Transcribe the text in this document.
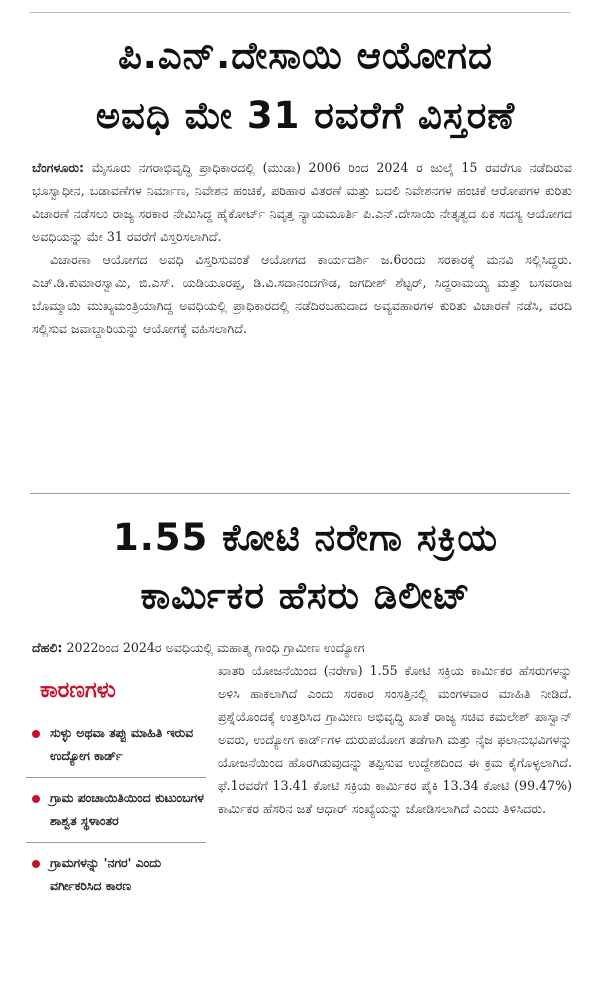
ಪಿ.ಎನ್.ದೇಸಾಯಿ ಆಯೋಗದ
ಅವಧಿ ಮೇ 31 ರವರೆಗೆ ವಿಸ್ತರಣೆ

ಬೆಂಗಳೂರು: ಮೈಸೂರು ನಗರಾಭಿವೃದ್ಧಿ ಪ್ರಾಧಿಕಾರದಲ್ಲಿ (ಮುಡಾ) 2006 ರಿಂದ 2024 ರ ಜುಲೈ 15 ರವರೆಗೂ ನಡೆದಿರುವ ಭೂಸ್ವಾಧೀನ, ಬಡಾವಣೆಗಳ ನಿರ್ಮಾಣ, ನಿವೇಶನ ಹಂಚಿಕೆ, ಪರಿಹಾರ ವಿತರಣೆ ಮತ್ತು ಬದಲಿ ನಿವೇಶನಗಳ ಹಂಚಿಕೆ ಆರೋಪಗಳ ಕುರಿತು ವಿಚಾರಣೆ ನಡೆಸಲು ರಾಜ್ಯ ಸರಕಾರ ನೇಮಿಸಿದ್ದ ಹೈಕೋರ್ಟ್ ನಿವೃತ್ತ ನ್ಯಾಯಮೂರ್ತಿ ಪಿ.ಎನ್.ದೇಸಾಯಿ ನೇತೃತ್ವದ ಏಕ ಸದಸ್ಯ ಆಯೋಗದ ಅವಧಿಯನ್ನು ಮೇ 31 ರವರೆಗೆ ವಿಸ್ತರಿಸಲಾಗಿದೆ.

ವಿಚಾರಣಾ ಆಯೋಗದ ಅವಧಿ ವಿಸ್ತರಿಸುವಂತೆ ಆಯೋಗದ ಕಾರ್ಯದರ್ಶಿ ಜ.6ರಂದು ಸರಕಾರಕ್ಕೆ ಮನವಿ ಸಲ್ಲಿಸಿದ್ದರು. ಎಚ್.ಡಿ.ಕುಮಾರಸ್ವಾಮಿ, ಬಿ.ಎಸ್. ಯಡಿಯೂರಪ್ಪ, ಡಿ.ವಿ.ಸದಾನಂದಗೌಡ, ಜಗದೀಶ್ ಶೆಟ್ಟರ್, ಸಿದ್ದರಾಮಯ್ಯ ಮತ್ತು ಬಸವರಾಜ ಬೊಮ್ಮಾಯಿ ಮುಖ್ಯಮಂತ್ರಿಯಾಗಿದ್ದ ಅವಧಿಯಲ್ಲಿ ಪ್ರಾಧಿಕಾರದಲ್ಲಿ ನಡೆದಿರಬಹುದಾದ ಅವ್ಯವಹಾರಗಳ ಕುರಿತು ವಿಚಾರಣೆ ನಡೆಸಿ, ವರದಿ ಸಲ್ಲಿಸುವ ಜವಾಬ್ದಾರಿಯನ್ನು ಆಯೋಗಕ್ಕೆ ವಹಿಸಲಾಗಿದೆ.

1.55 ಕೋಟಿ ನರೇಗಾ ಸಕ್ರಿಯ
ಕಾರ್ಮಿಕರ ಹೆಸರು ಡಿಲೀಟ್

ದೆಹಲಿ: 2022ರಿಂದ 2024ರ ಅವಧಿಯಲ್ಲಿ ಮಹಾತ್ಮ ಗಾಂಧಿ ಗ್ರಾಮೀಣ ಉದ್ಯೋಗ

ಕಾರಣಗಳು
ಸುಳ್ಳು ಅಥವಾ ತಪ್ಪು ಮಾಹಿತಿ ಇರುವ ಉದ್ಯೋಗ ಕಾರ್ಡ್
ಗ್ರಾಮ ಪಂಚಾಯಿತಿಯಿಂದ ಕುಟುಂಬಗಳ ಶಾಶ್ವತ ಸ್ಥಳಾಂತರ
ಗ್ರಾಮಗಳನ್ನು 'ನಗರ' ಎಂದು ವರ್ಗೀಕರಿಸಿದ ಕಾರಣ

ಖಾತರಿ ಯೋಜನೆಯಿಂದ (ನರೇಗಾ) 1.55 ಕೋಟಿ ಸಕ್ರಿಯ ಕಾರ್ಮಿಕರ ಹೆಸರುಗಳನ್ನು ಅಳಿಸಿ ಹಾಕಲಾಗಿದೆ ಎಂದು ಸರಕಾರ ಸಂಸತ್ತಿನಲ್ಲಿ ಮಂಗಳವಾರ ಮಾಹಿತಿ ನೀಡಿದೆ. ಪ್ರಶ್ನೆಯೊಂದಕ್ಕೆ ಉತ್ತರಿಸಿದ ಗ್ರಾಮೀಣ ಅಭಿವೃದ್ಧಿ ಖಾತೆ ರಾಜ್ಯ ಸಚಿವ ಕಮಲೇಶ್ ಪಾಸ್ವಾನ್ ಅವರು, ಉದ್ಯೋಗ ಕಾರ್ಡ್‌ಗಳ ದುರುಪಯೋಗ ತಡೆಗಾಗಿ ಮತ್ತು ನೈಜ ಫಲಾನುಭವಿಗಳನ್ನು ಯೋಜನೆಯಿಂದ ಹೊರಗಿಡುವುದನ್ನು ತಪ್ಪಿಸುವ ಉದ್ದೇಶದಿಂದ ಈ ಕ್ರಮ ಕೈಗೊಳ್ಳಲಾಗಿದೆ. ಫೆ.1ರವರೆಗೆ 13.41 ಕೋಟಿ ಸಕ್ರಿಯ ಕಾರ್ಮಿಕರ ಪೈಕಿ 13.34 ಕೋಟಿ (99.47%) ಕಾರ್ಮಿಕರ ಹೆಸರಿನ ಜತೆ ಆಧಾರ್ ಸಂಖ್ಯೆಯನ್ನು ಜೋಡಿಸಲಾಗಿದೆ ಎಂದು ತಿಳಿಸಿದರು.
